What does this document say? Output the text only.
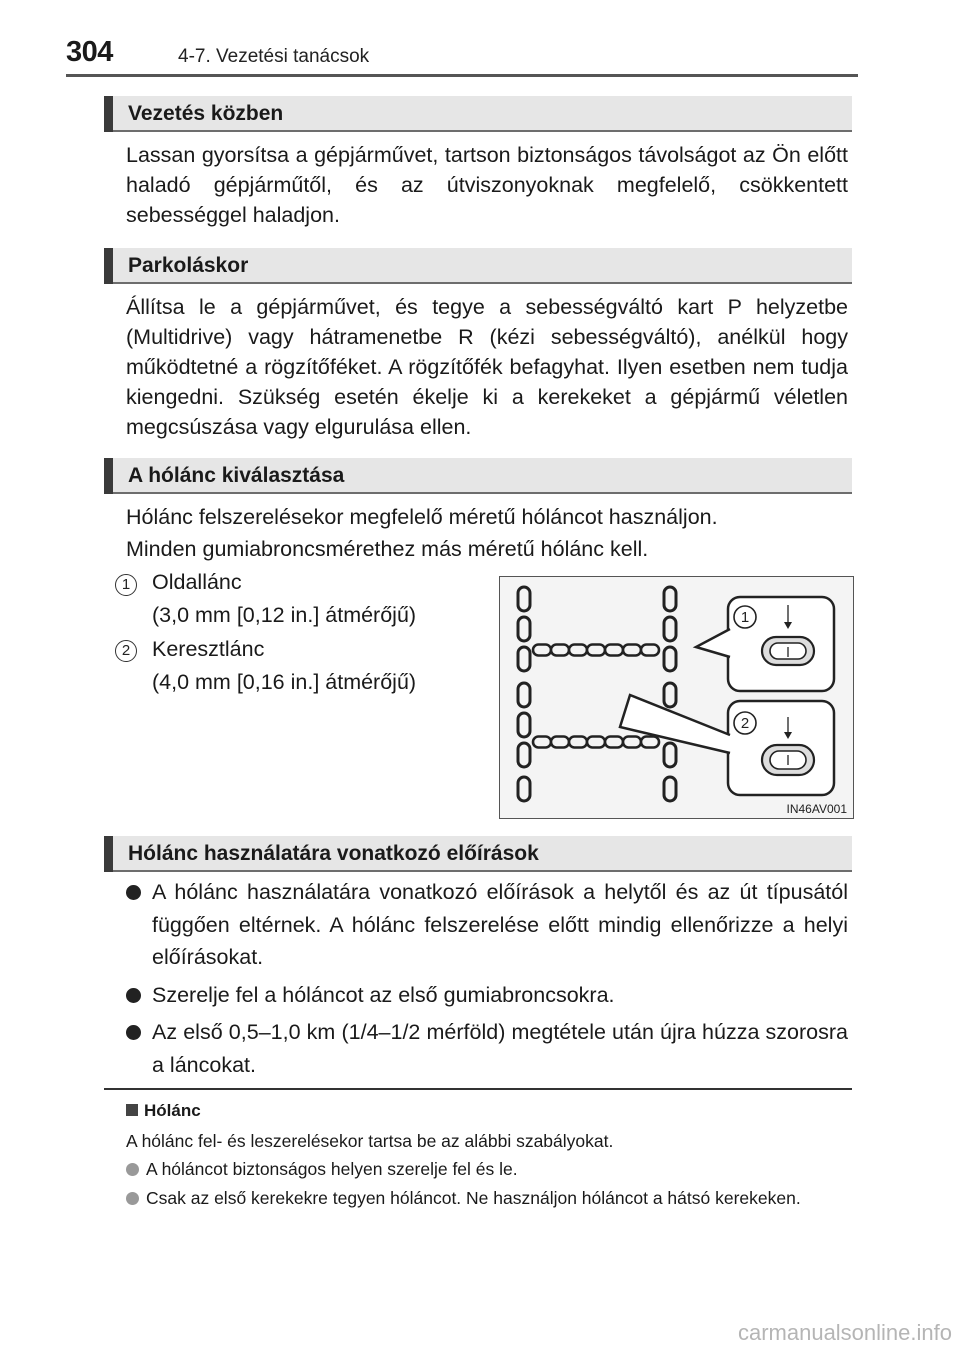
304	4-7. Vezetési tanácsok
Vezetés közben
Lassan gyorsítsa a gépjárművet, tartson biztonságos távolságot az Ön előtt haladó gépjárműtől, és az útviszonyoknak megfelelő, csökkentett sebességgel haladjon.
Parkoláskor
Állítsa le a gépjárművet, és tegye a sebességváltó kart P helyzetbe (Multidrive) vagy hátramenetbe R (kézi sebességváltó), anélkül hogy működtetné a rögzítőféket. A rögzítőfék befagyhat. Ilyen esetben nem tudja kiengedni. Szükség esetén ékelje ki a kerekeket a gépjármű véletlen megcsúszása vagy elgurulása ellen.
A hólánc kiválasztása
Hólánc felszerelésekor megfelelő méretű hóláncot használjon.
Minden gumiabroncsmérethez más méretű hólánc kell.
1	Oldallánc
(3,0 mm [0,12 in.] átmérőjű)
2	Keresztlánc
(4,0 mm [0,16 in.] átmérőjű)
1
2
IN46AV001
Hólánc használatára vonatkozó előírások
A hólánc használatára vonatkozó előírások a helytől és az út típusától függően eltérnek. A hólánc felszerelése előtt mindig ellenőrizze a helyi előírásokat.
Szerelje fel a hóláncot az első gumiabroncsokra.
Az első 0,5–1,0 km (1/4–1/2 mérföld) megtétele után újra húzza szorosra a láncokat.
Hólánc
A hólánc fel- és leszerelésekor tartsa be az alábbi szabályokat.
A hóláncot biztonságos helyen szerelje fel és le.
Csak az első kerekekre tegyen hóláncot. Ne használjon hóláncot a hátsó kerekeken.
carmanualsonline.info
